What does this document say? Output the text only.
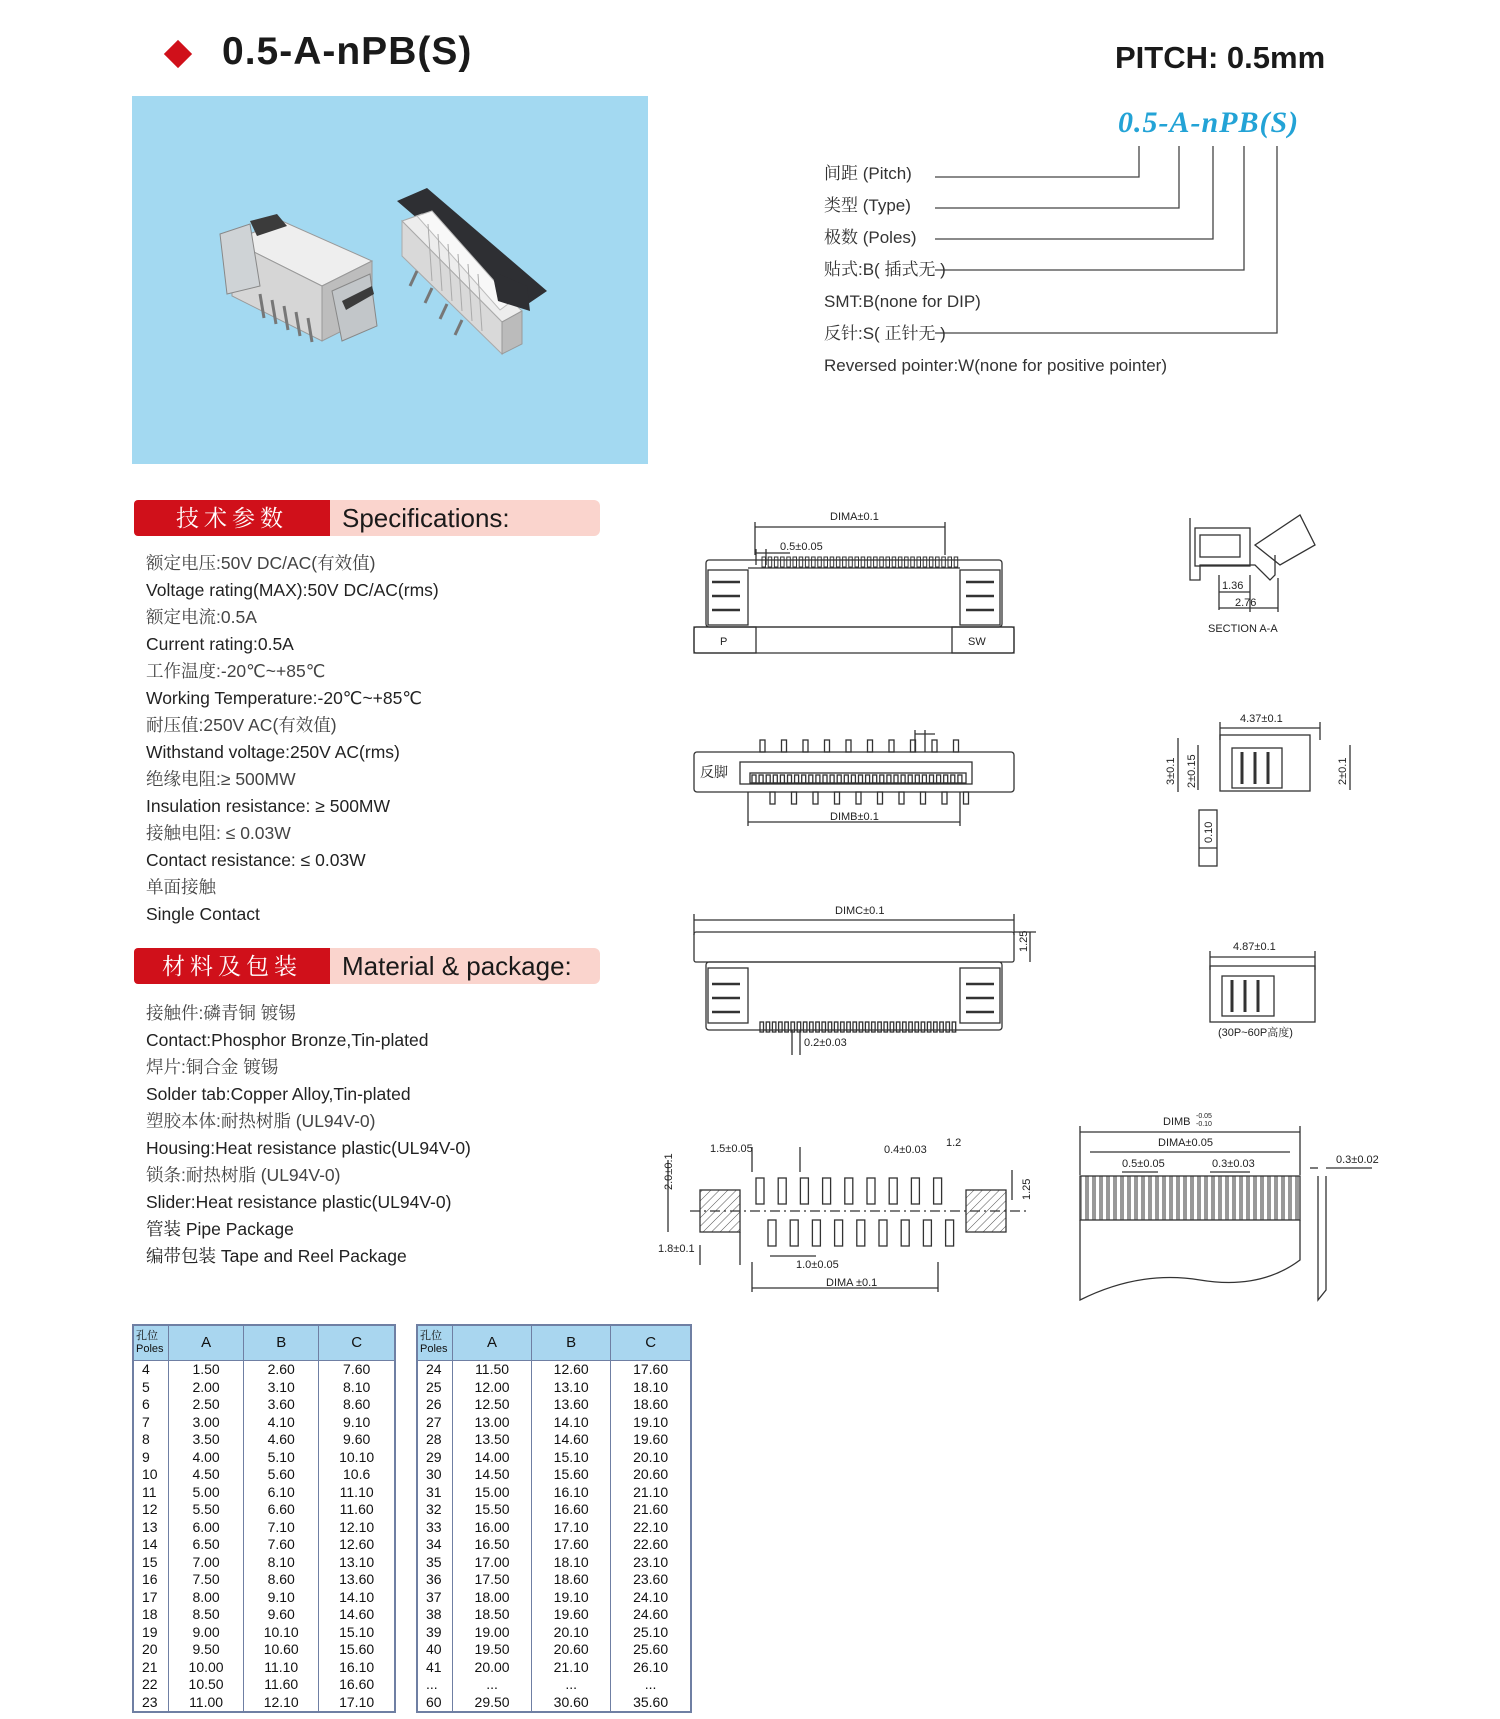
0.5-A-nPB(S)	PITCH: 0.5mm
0.5-A-nPB(S)
间距 (Pitch)
类型 (Type)
极数 (Poles)
贴式:B( 插式无 )
SMT:B(none for DIP)
反针:S( 正针无 )
Reversed pointer:W(none for positive pointer)
技术参数	Specifications:
额定电压:50V DC/AC(有效值)
Voltage rating(MAX):50V DC/AC(rms)
额定电流:0.5A
Current rating:0.5A
工作温度:-20℃~+85℃
Working Temperature:-20℃~+85℃
耐压值:250V AC(有效值)
Withstand voltage:250V AC(rms)
绝缘电阻:≥ 500MW
Insulation resistance: ≥ 500MW
接触电阻: ≤ 0.03W
Contact resistance: ≤ 0.03W
单面接触
Single Contact
材料及包装	Material & package:
接触件:磷青铜 镀锡
Contact:Phosphor Bronze,Tin-plated
焊片:铜合金 镀锡
Solder tab:Copper Alloy,Tin-plated
塑胶本体:耐热树脂 (UL94V-0)
Housing:Heat resistance plastic(UL94V-0)
锁条:耐热树脂 (UL94V-0)
Slider:Heat resistance plastic(UL94V-0)
管装 Pipe Package
编带包装 Tape and Reel Package
DIMA±0.1
0.5±0.05
P	SW
1.36
2.76
SECTION A-A
反脚
DIMB±0.1
4.37±0.1
3±0.1 2±0.15	2±0.1
0.10
DIMC±0.1
1.25
0.2±0.03
4.87±0.1
(30P~60P高度)
1.5±0.05	0.4±0.03
1.2
2.0±0.1	1.25
1.8±0.1
1.0±0.05
DIMA ±0.1
DIMB -0.05
-0.10
DIMA±0.05
0.5±0.05	0.3±0.03	0.3±0.02
孔位
Poles	A	B	C
4	1.50	2.60	7.60
5	2.00	3.10	8.10
6	2.50	3.60	8.60
7	3.00	4.10	9.10
8	3.50	4.60	9.60
9	4.00	5.10	10.10
10	4.50	5.60	10.6
11	5.00	6.10	11.10
12	5.50	6.60	11.60
13	6.00	7.10	12.10
14	6.50	7.60	12.60
15	7.00	8.10	13.10
16	7.50	8.60	13.60
17	8.00	9.10	14.10
18	8.50	9.60	14.60
19	9.00	10.10	15.10
20	9.50	10.60	15.60
21	10.00	11.10	16.10
22	10.50	11.60	16.60
23	11.00	12.10	17.10
孔位
Poles	A	B	C
24	11.50	12.60	17.60
25	12.00	13.10	18.10
26	12.50	13.60	18.60
27	13.00	14.10	19.10
28	13.50	14.60	19.60
29	14.00	15.10	20.10
30	14.50	15.60	20.60
31	15.00	16.10	21.10
32	15.50	16.60	21.60
33	16.00	17.10	22.10
34	16.50	17.60	22.60
35	17.00	18.10	23.10
36	17.50	18.60	23.60
37	18.00	19.10	24.10
38	18.50	19.60	24.60
39	19.00	20.10	25.10
40	19.50	20.60	25.60
41	20.00	21.10	26.10
...	...	...	...
60	29.50	30.60	35.60
